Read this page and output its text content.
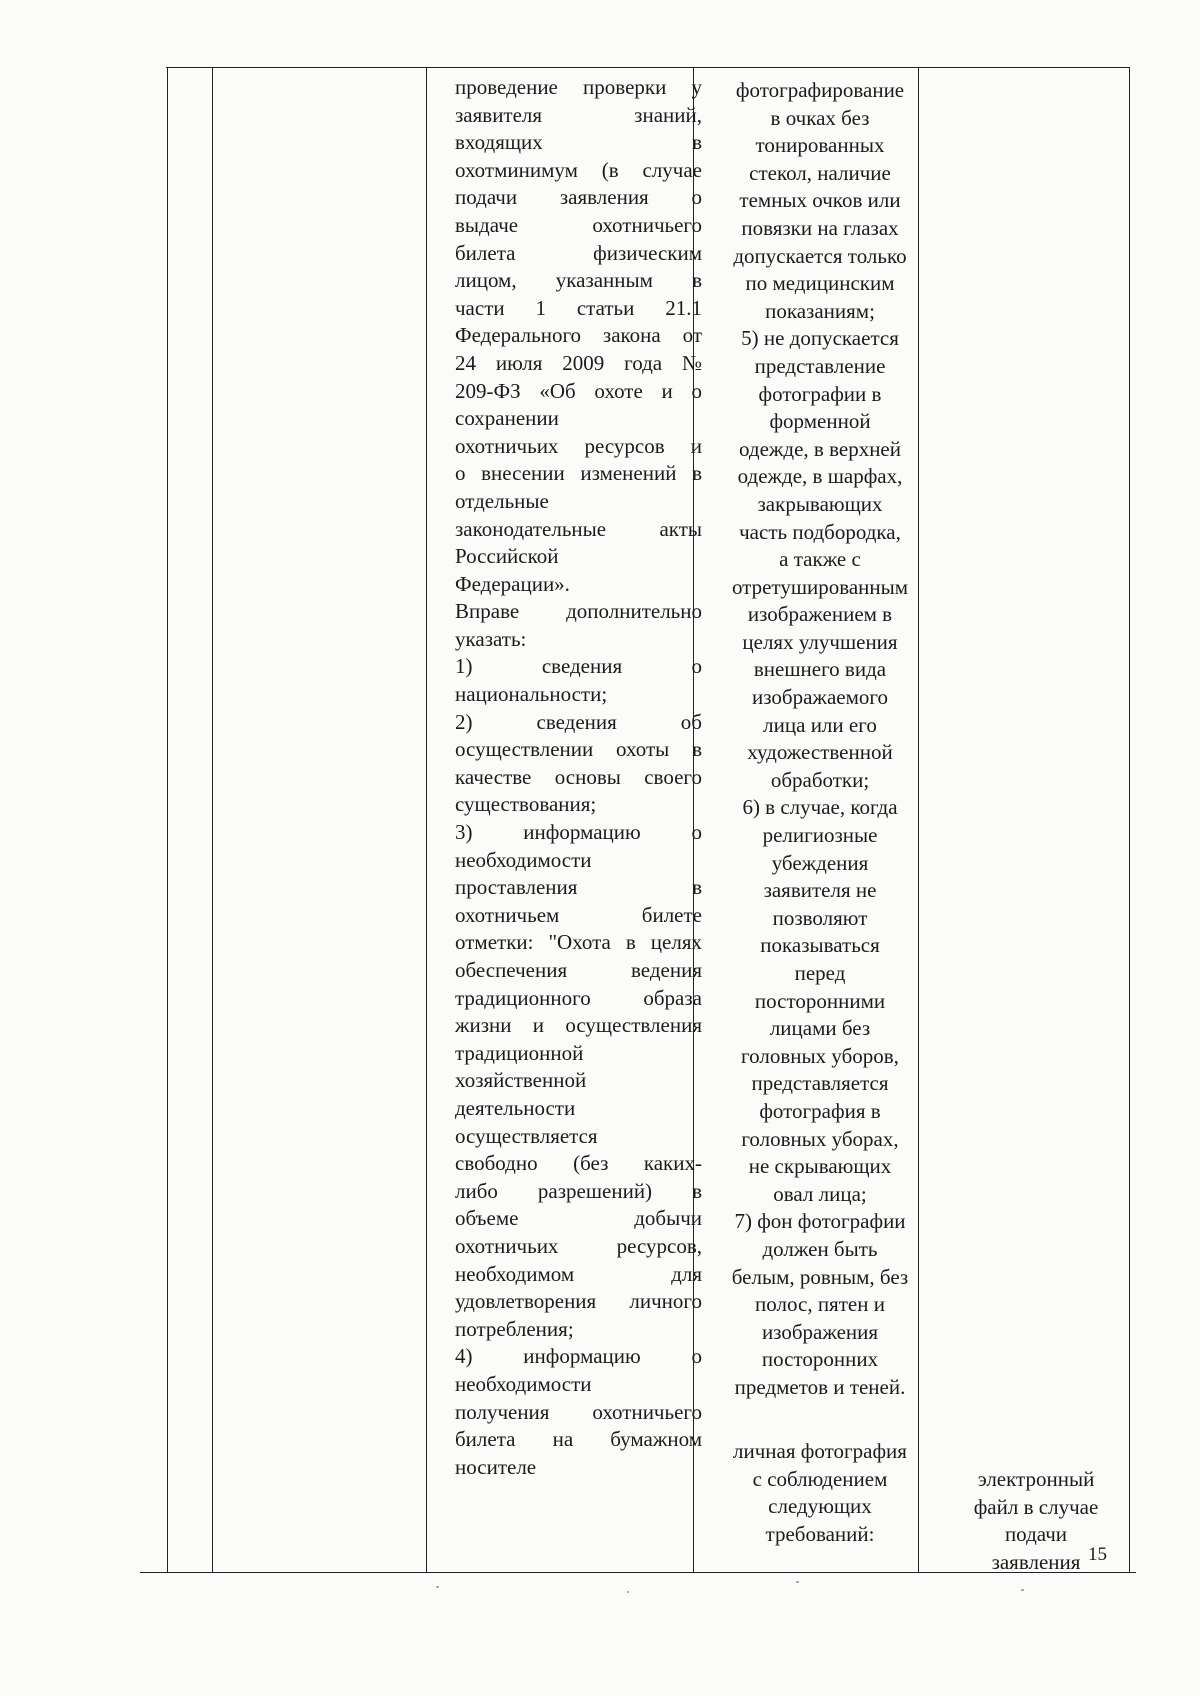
проведение проверки у
заявителя знаний,
входящих в
охотминимум (в случае
подачи заявления о
выдаче охотничьего
билета физическим
лицом, указанным в
части 1 статьи 21.1
Федерального закона от
24 июля 2009 года №
209-ФЗ «Об охоте и о
сохранении
охотничьих ресурсов и
о внесении изменений в
отдельные
законодательные акты
Российской
Федерации».
Вправе дополнительно
указать:
1) сведения о
национальности;
2) сведения об
осуществлении охоты в
качестве основы своего
существования;
3) информацию о
необходимости
проставления в
охотничьем билете
отметки: "Охота в целях
обеспечения ведения
традиционного образа
жизни и осуществления
традиционной
хозяйственной
деятельности
осуществляется
свободно (без каких-
либо разрешений) в
объеме добычи
охотничьих ресурсов,
необходимом для
удовлетворения личного
потребления;
4) информацию о
необходимости
получения охотничьего
билета на бумажном
носителе
фотографирование
в очках без
тонированных
стекол, наличие
темных очков или
повязки на глазах
допускается только
по медицинским
показаниям;
5) не допускается
представление
фотографии в
форменной
одежде, в верхней
одежде, в шарфах,
закрывающих
часть подбородка,
а также с
отретушированным
изображением в
целях улучшения
внешнего вида
изображаемого
лица или его
художественной
обработки;
6) в случае, когда
религиозные
убеждения
заявителя не
позволяют
показываться
перед
посторонними
лицами без
головных уборов,
представляется
фотография в
головных уборах,
не скрывающих
овал лица;
7) фон фотографии
должен быть
белым, ровным, без
полос, пятен и
изображения
посторонних
предметов и теней.
личная фотография
с соблюдением
следующих
требований:
электронный
файл в случае
подачи
заявления 15
